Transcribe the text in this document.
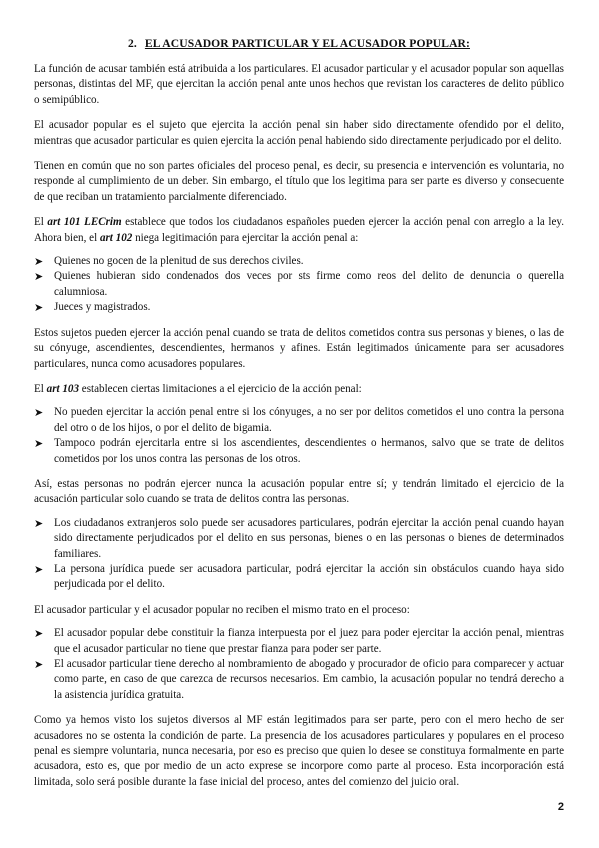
2. EL ACUSADOR PARTICULAR Y EL ACUSADOR POPULAR:

La función de acusar también está atribuida a los particulares. El acusador particular y el acusador popular son aquellas personas, distintas del MF, que ejercitan la acción penal ante unos hechos que revistan los caracteres de delito público o semipúblico.

El acusador popular es el sujeto que ejercita la acción penal sin haber sido directamente ofendido por el delito, mientras que acusador particular es quien ejercita la acción penal habiendo sido directamente perjudicado por el delito.

Tienen en común que no son partes oficiales del proceso penal, es decir, su presencia e intervención es voluntaria, no responde al cumplimiento de un deber. Sin embargo, el título que los legitima para ser parte es diverso y consecuente de que reciban un tratamiento parcialmente diferenciado.

El art 101 LECrim establece que todos los ciudadanos españoles pueden ejercer la acción penal con arreglo a la ley. Ahora bien, el art 102 niega legitimación para ejercitar la acción penal a:

➤ Quienes no gocen de la plenitud de sus derechos civiles.
➤ Quienes hubieran sido condenados dos veces por sts firme como reos del delito de denuncia o querella calumniosa.
➤ Jueces y magistrados.

Estos sujetos pueden ejercer la acción penal cuando se trata de delitos cometidos contra sus personas y bienes, o las de su cónyuge, ascendientes, descendientes, hermanos y afines. Están legitimados únicamente para ser acusadores particulares, nunca como acusadores populares.

El art 103 establecen ciertas limitaciones a el ejercicio de la acción penal:

➤ No pueden ejercitar la acción penal entre si los cónyuges, a no ser por delitos cometidos el uno contra la persona del otro o de los hijos, o por el delito de bigamia.
➤ Tampoco podrán ejercitarla entre si los ascendientes, descendientes o hermanos, salvo que se trate de delitos cometidos por los unos contra las personas de los otros.

Así, estas personas no podrán ejercer nunca la acusación popular entre sí; y tendrán limitado el ejercicio de la acusación particular solo cuando se trata de delitos contra las personas.

➤ Los ciudadanos extranjeros solo puede ser acusadores particulares, podrán ejercitar la acción penal cuando hayan sido directamente perjudicados por el delito en sus personas, bienes o en las personas o bienes de determinados familiares.
➤ La persona jurídica puede ser acusadora particular, podrá ejercitar la acción sin obstáculos cuando haya sido perjudicada por el delito.

El acusador particular y el acusador popular no reciben el mismo trato en el proceso:

➤ El acusador popular debe constituir la fianza interpuesta por el juez para poder ejercitar la acción penal, mientras que el acusador particular no tiene que prestar fianza para poder ser parte.
➤ El acusador particular tiene derecho al nombramiento de abogado y procurador de oficio para comparecer y actuar como parte, en caso de que carezca de recursos necesarios. Em cambio, la acusación popular no tendrá derecho a la asistencia jurídica gratuita.

Como ya hemos visto los sujetos diversos al MF están legitimados para ser parte, pero con el mero hecho de ser acusadores no se ostenta la condición de parte. La presencia de los acusadores particulares y populares en el proceso penal es siempre voluntaria, nunca necesaria, por eso es preciso que quien lo desee se constituya formalmente en parte acusadora, esto es, que por medio de un acto exprese se incorpore como parte al proceso. Esta incorporación está limitada, solo será posible durante la fase inicial del proceso, antes del comienzo del juicio oral.

2
